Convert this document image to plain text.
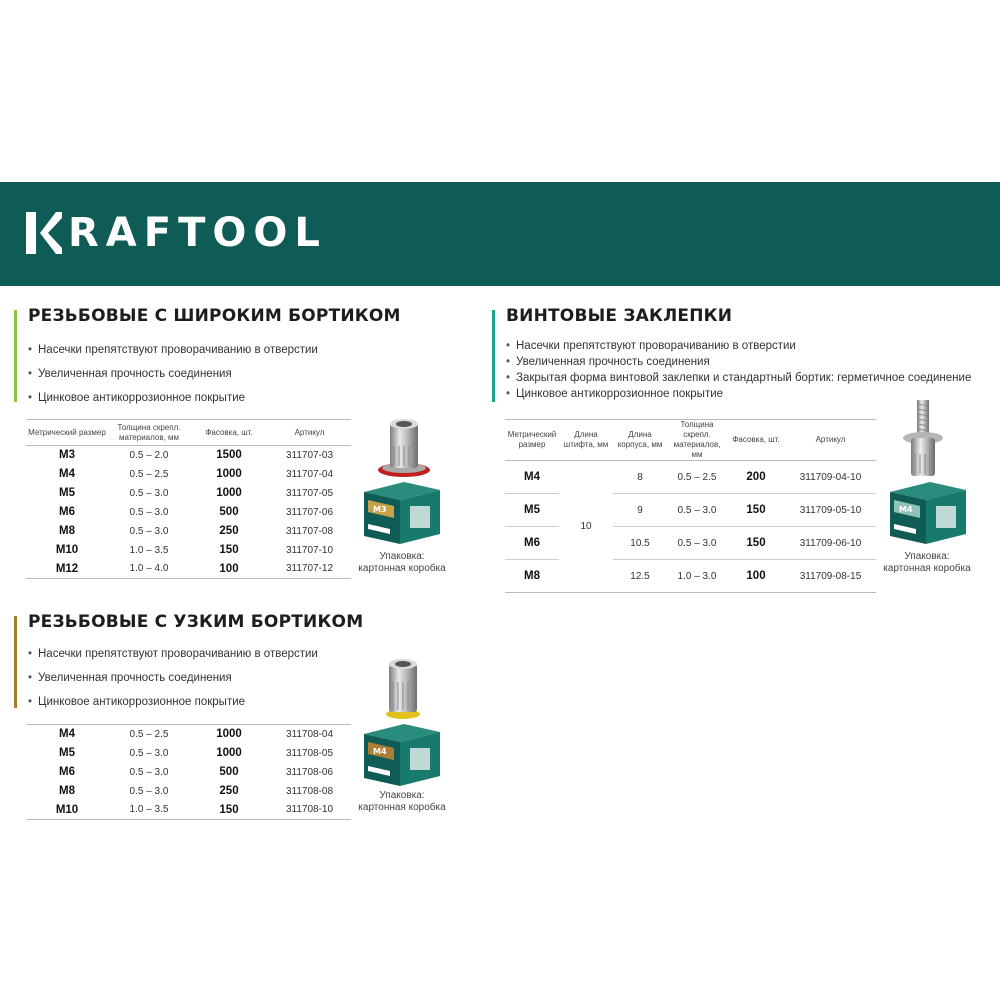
RAFTOOL
РЕЗЬБОВЫЕ С ШИРОКИМ БОРТИКОМ
• Насечки препятствуют проворачиванию в отверстии
• Увеличенная прочность соединения
• Цинковое антикоррозионное покрытие
Метрический размер	Толщина скрепл. материалов, мм	Фасовка, шт.	Артикул
M3	0.5 – 2.0	1500	311707-03
M4	0.5 – 2.5	1000	311707-04
M5	0.5 – 3.0	1000	311707-05
M6	0.5 – 3.0	500	311707-06
M8	0.5 – 3.0	250	311707-08
M10	1.0 – 3.5	150	311707-10
M12	1.0 – 4.0	100	311707-12
M3
Упаковка:
картонная коробка
ВИНТОВЫЕ ЗАКЛЕПКИ
• Насечки препятствуют проворачиванию в отверстии
• Увеличенная прочность соединения
• Закрытая форма винтовой заклепки и стандартный бортик: герметичное соединение
• Цинковое антикоррозионное покрытие
Метрический размер	Длина штифта, мм	Длина корпуса, мм	Толщина скрепл. материалов, мм	Фасовка, шт.	Артикул
M4	10	8	0.5 – 2.5	200	311709-04-10
M5		9	0.5 – 3.0	150	311709-05-10
M6		10.5	0.5 – 3.0	150	311709-06-10
M8		12.5	1.0 – 3.0	100	311709-08-15
M4
Упаковка:
картонная коробка
РЕЗЬБОВЫЕ С УЗКИМ БОРТИКОМ
• Насечки препятствуют проворачиванию в отверстии
• Увеличенная прочность соединения
• Цинковое антикоррозионное покрытие
M4	0.5 – 2.5	1000	311708-04
M5	0.5 – 3.0	1000	311708-05
M6	0.5 – 3.0	500	311708-06
M8	0.5 – 3.0	250	311708-08
M10	1.0 – 3.5	150	311708-10
M4
Упаковка:
картонная коробка
